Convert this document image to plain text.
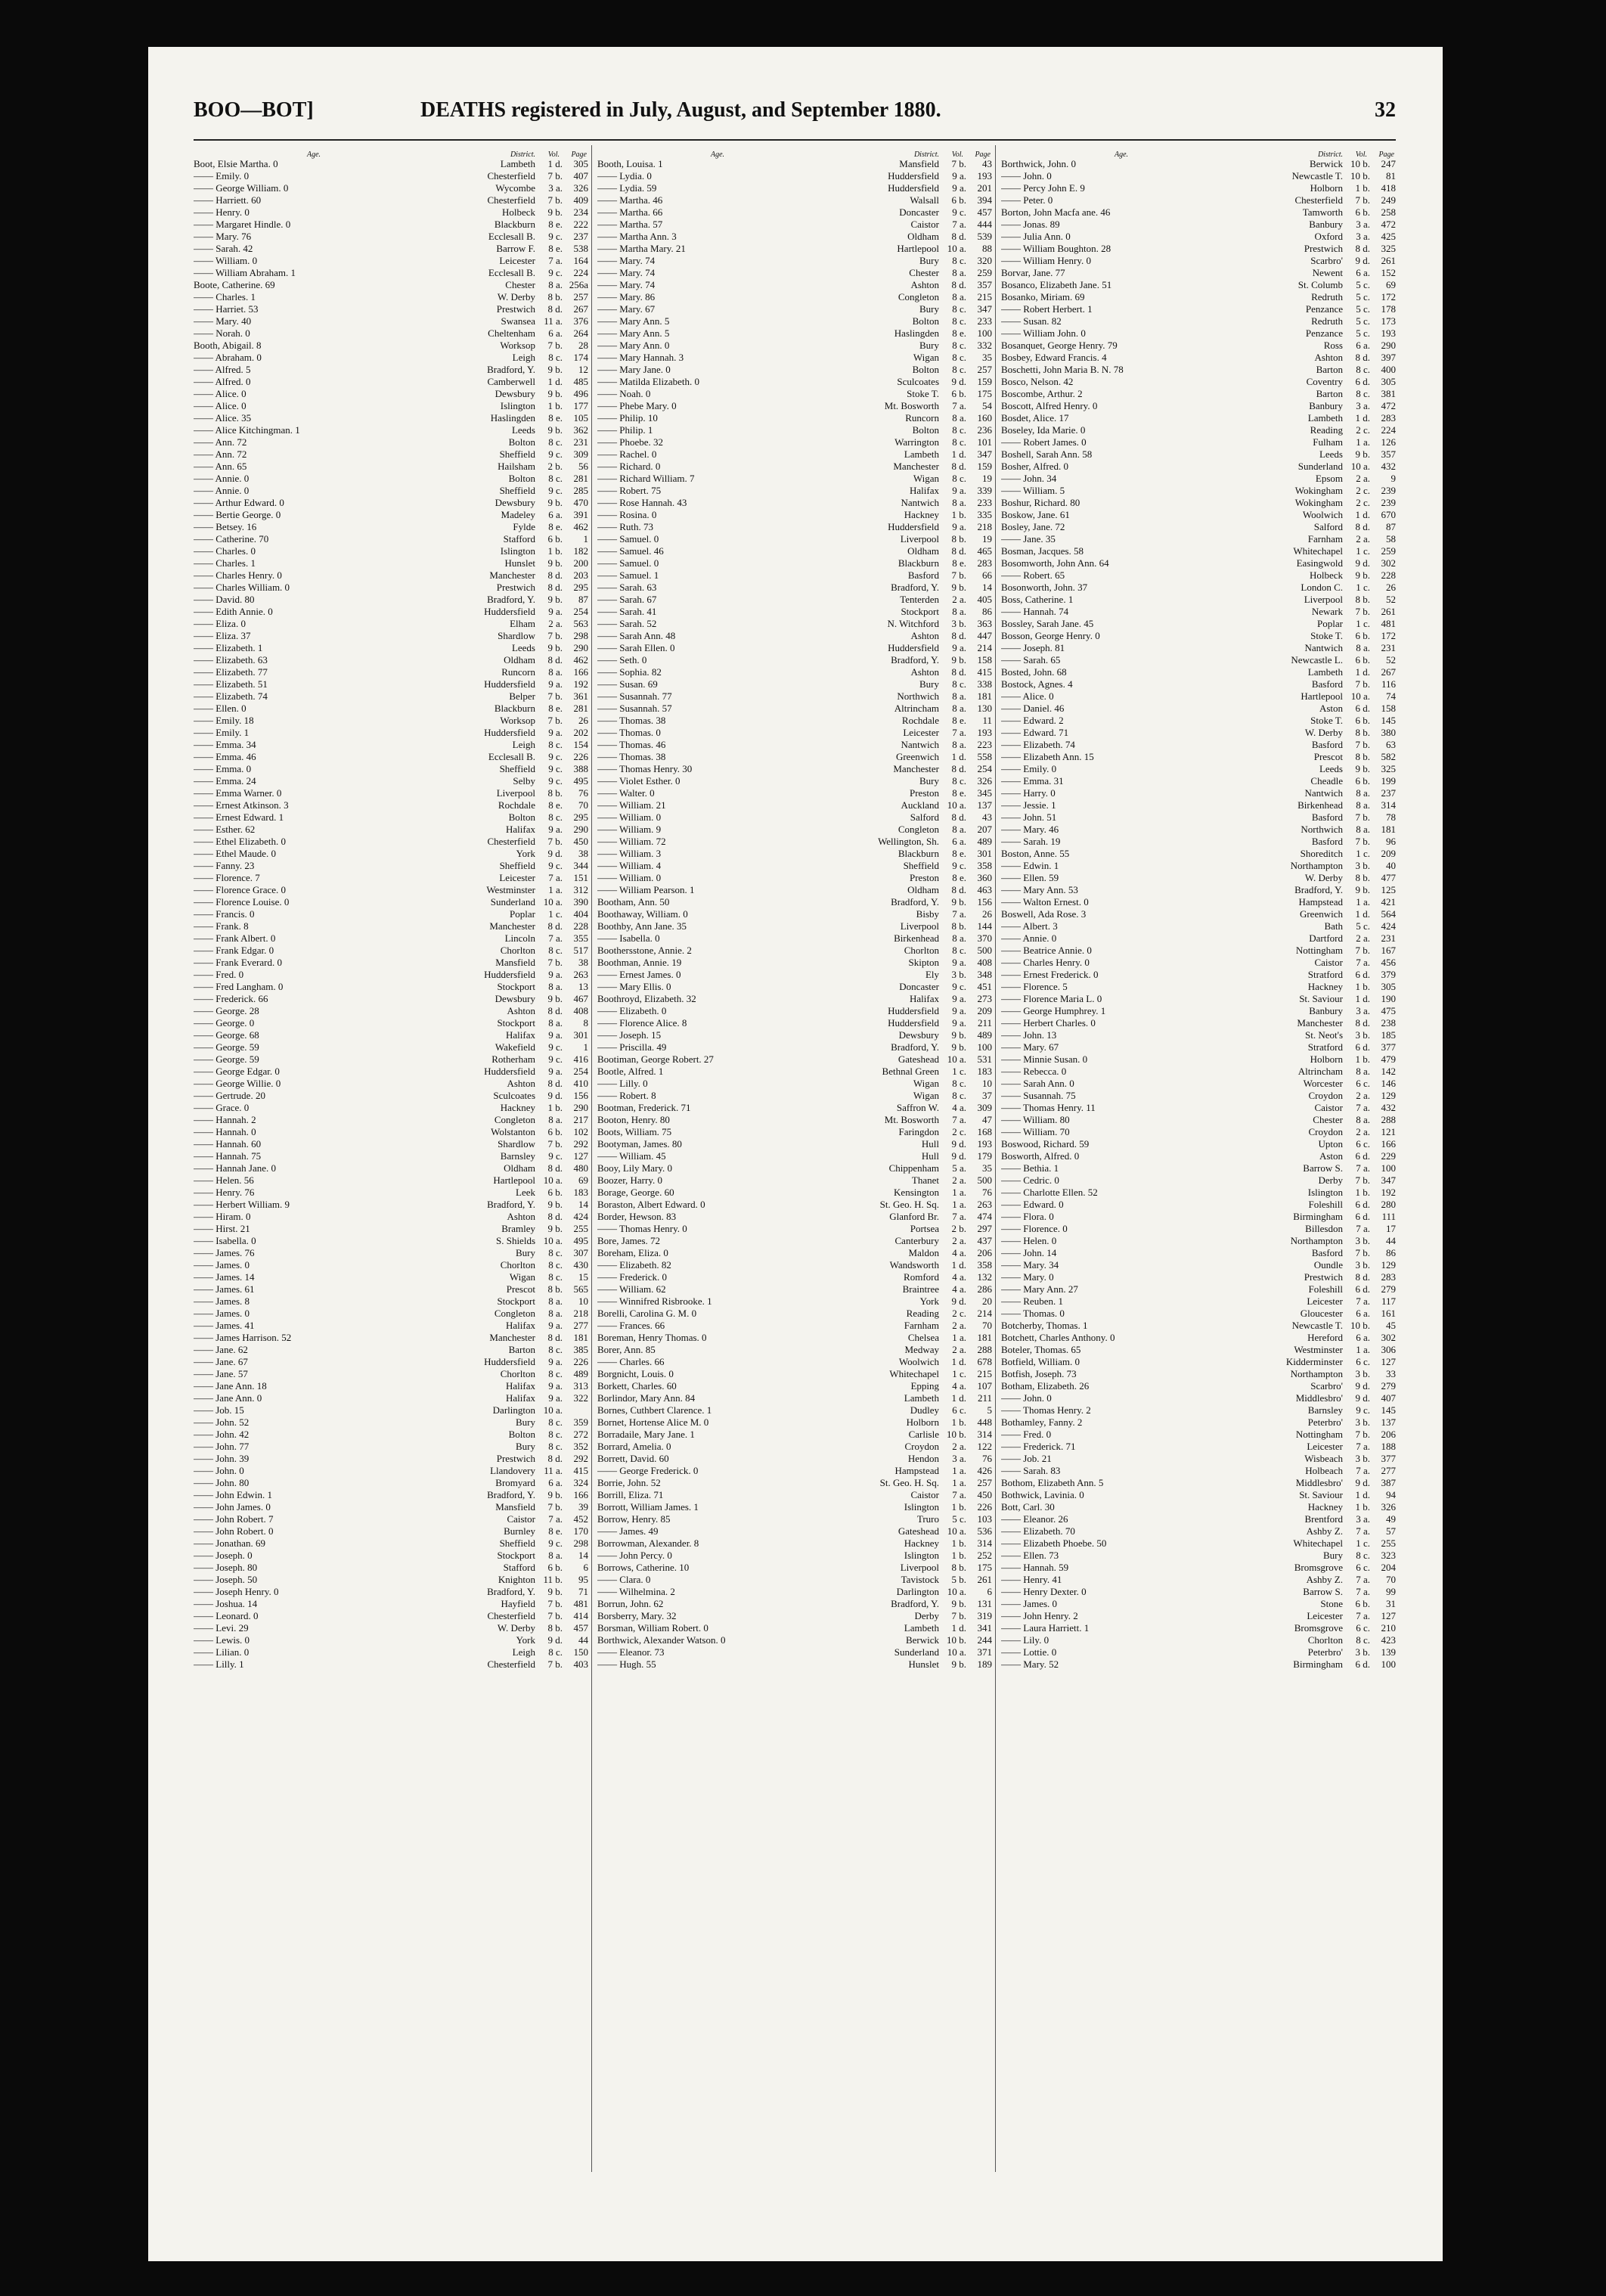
BOO—BOT]	DEATHS registered in July, August, and September 1880.	32
Age.	District. Vol. Page
Boot, Elsie Martha. 0	Lambeth 1 d. 305
—— Emily. 0	Chesterfield 7 b. 407
—— George William. 0	Wycombe 3 a. 326
—— Harriett. 60	Chesterfield 7 b. 409
—— Henry. 0	Holbeck 9 b. 234
—— Margaret Hindle. 0	Blackburn 8 e. 222
—— Mary. 76	Ecclesall B. 9 c. 237
—— Sarah. 42	Barrow F. 8 e. 538
—— William. 0	Leicester 7 a. 164
—— William Abraham. 1	Ecclesall B. 9 c. 224
Boote, Catherine. 69	Chester 8 a. 256a
—— Charles. 1	W. Derby 8 b. 257
—— Harriet. 53	Prestwich 8 d. 267
—— Mary. 40	Swansea 11 a. 376
—— Norah. 0	Cheltenham 6 a. 264
Booth, Abigail. 8	Worksop 7 b. 28
—— Abraham. 0	Leigh 8 c. 174
—— Alfred. 5	Bradford, Y. 9 b. 12
—— Alfred. 0	Camberwell 1 d. 485
—— Alice. 0	Dewsbury 9 b. 496
—— Alice. 0	Islington 1 b. 177
—— Alice. 35	Haslingden 8 e. 105
—— Alice Kitchingman. 1	Leeds 9 b. 362
—— Ann. 72	Bolton 8 c. 231
—— Ann. 72	Sheffield 9 c. 309
—— Ann. 65	Hailsham 2 b. 56
—— Annie. 0	Bolton 8 c. 281
—— Annie. 0	Sheffield 9 c. 285
—— Arthur Edward. 0	Dewsbury 9 b. 470
—— Bertie George. 0	Madeley 6 a. 391
—— Betsey. 16	Fylde 8 e. 462
—— Catherine. 70	Stafford 6 b. 1
—— Charles. 0	Islington 1 b. 182
—— Charles. 1	Hunslet 9 b. 200
—— Charles Henry. 0	Manchester 8 d. 203
—— Charles William. 0	Prestwich 8 d. 295
—— David. 80	Bradford, Y. 9 b. 87
—— Edith Annie. 0	Huddersfield 9 a. 254
—— Eliza. 0	Elham 2 a. 563
—— Eliza. 37	Shardlow 7 b. 298
—— Elizabeth. 1	Leeds 9 b. 290
—— Elizabeth. 63	Oldham 8 d. 462
—— Elizabeth. 77	Runcorn 8 a. 166
—— Elizabeth. 51	Huddersfield 9 a. 192
—— Elizabeth. 74	Belper 7 b. 361
—— Ellen. 0	Blackburn 8 e. 281
—— Emily. 18	Worksop 7 b. 26
—— Emily. 1	Huddersfield 9 a. 202
—— Emma. 34	Leigh 8 c. 154
—— Emma. 46	Ecclesall B. 9 c. 226
—— Emma. 0	Sheffield 9 c. 388
—— Emma. 24	Selby 9 c. 495
—— Emma Warner. 0	Liverpool 8 b. 76
—— Ernest Atkinson. 3	Rochdale 8 e. 70
—— Ernest Edward. 1	Bolton 8 c. 295
—— Esther. 62	Halifax 9 a. 290
—— Ethel Elizabeth. 0	Chesterfield 7 b. 450
—— Ethel Maude. 0	York 9 d. 38
—— Fanny. 23	Sheffield 9 c. 344
—— Florence. 7	Leicester 7 a. 151
—— Florence Grace. 0	Westminster 1 a. 312
—— Florence Louise. 0	Sunderland 10 a. 390
—— Francis. 0	Poplar 1 c. 404
—— Frank. 8	Manchester 8 d. 228
—— Frank Albert. 0	Lincoln 7 a. 355
—— Frank Edgar. 0	Chorlton 8 c. 517
—— Frank Everard. 0	Mansfield 7 b. 38
—— Fred. 0	Huddersfield 9 a. 263
—— Fred Langham. 0	Stockport 8 a. 13
—— Frederick. 66	Dewsbury 9 b. 467
—— George. 28	Ashton 8 d. 408
—— George. 0	Stockport 8 a. 8
—— George. 68	Halifax 9 a. 301
—— George. 59	Wakefield 9 c. 1
—— George. 59	Rotherham 9 c. 416
—— George Edgar. 0	Huddersfield 9 a. 254
—— George Willie. 0	Ashton 8 d. 410
—— Gertrude. 20	Sculcoates 9 d. 156
—— Grace. 0	Hackney 1 b. 290
—— Hannah. 2	Congleton 8 a. 217
—— Hannah. 0	Wolstanton 6 b. 102
—— Hannah. 60	Shardlow 7 b. 292
—— Hannah. 75	Barnsley 9 c. 127
—— Hannah Jane. 0	Oldham 8 d. 480
—— Helen. 56	Hartlepool 10 a. 69
—— Henry. 76	Leek 6 b. 183
—— Herbert William. 9	Bradford, Y. 9 b. 14
—— Hiram. 0	Ashton 8 d. 424
—— Hirst. 21	Bramley 9 b. 255
—— Isabella. 0	S. Shields 10 a. 495
—— James. 76	Bury 8 c. 307
—— James. 0	Chorlton 8 c. 430
—— James. 14	Wigan 8 c. 15
—— James. 61	Prescot 8 b. 565
—— James. 8	Stockport 8 a. 10
—— James. 0	Congleton 8 a. 218
—— James. 41	Halifax 9 a. 277
—— James Harrison. 52	Manchester 8 d. 181
—— Jane. 62	Barton 8 c. 385
—— Jane. 67	Huddersfield 9 a. 226
—— Jane. 57	Chorlton 8 c. 489
—— Jane Ann. 18	Halifax 9 a. 313
—— Jane Ann. 0	Halifax 9 a. 322
—— Job. 15	Darlington 10 a.
—— John. 52	Bury 8 c. 359
—— John. 42	Bolton 8 c. 272
—— John. 77	Bury 8 c. 352
—— John. 39	Prestwich 8 d. 292
—— John. 0	Llandovery 11 a. 415
—— John. 80	Bromyard 6 a. 324
—— John Edwin. 1	Bradford, Y. 9 b. 166
—— John James. 0	Mansfield 7 b. 39
—— John Robert. 7	Caistor 7 a. 452
—— John Robert. 0	Burnley 8 e. 170
—— Jonathan. 69	Sheffield 9 c. 298
—— Joseph. 0	Stockport 8 a. 14
—— Joseph. 80	Stafford 6 b. 6
—— Joseph. 50	Knighton 11 b. 95
—— Joseph Henry. 0	Bradford, Y. 9 b. 71
—— Joshua. 14	Hayfield 7 b. 481
—— Leonard. 0	Chesterfield 7 b. 414
—— Levi. 29	W. Derby 8 b. 457
—— Lewis. 0	York 9 d. 44
—— Lilian. 0	Leigh 8 c. 150
—— Lilly. 1	Chesterfield 7 b. 403
Age.	District. Vol. Page
Booth, Louisa. 1	Mansfield 7 b. 43
—— Lydia. 0	Huddersfield 9 a. 193
—— Lydia. 59	Huddersfield 9 a. 201
—— Martha. 46	Walsall 6 b. 394
—— Martha. 66	Doncaster 9 c. 457
—— Martha. 57	Caistor 7 a. 444
—— Martha Ann. 3	Oldham 8 d. 539
—— Martha Mary. 21	Hartlepool 10 a. 88
—— Mary. 74	Bury 8 c. 320
—— Mary. 74	Chester 8 a. 259
—— Mary. 74	Ashton 8 d. 357
—— Mary. 86	Congleton 8 a. 215
—— Mary. 67	Bury 8 c. 347
—— Mary Ann. 5	Bolton 8 c. 233
—— Mary Ann. 5	Haslingden 8 e. 100
—— Mary Ann. 0	Bury 8 c. 332
—— Mary Hannah. 3	Wigan 8 c. 35
—— Mary Jane. 0	Bolton 8 c. 257
—— Matilda Elizabeth. 0	Sculcoates 9 d. 159
—— Noah. 0	Stoke T. 6 b. 175
—— Phebe Mary. 0	Mt. Bosworth 7 a. 54
—— Philip. 10	Runcorn 8 a. 160
—— Philip. 1	Bolton 8 c. 236
—— Phoebe. 32	Warrington 8 c. 101
—— Rachel. 0	Lambeth 1 d. 347
—— Richard. 0	Manchester 8 d. 159
—— Richard William. 7	Wigan 8 c. 19
—— Robert. 75	Halifax 9 a. 339
—— Rose Hannah. 43	Nantwich 8 a. 233
—— Rosina. 0	Hackney 1 b. 335
—— Ruth. 73	Huddersfield 9 a. 218
—— Samuel. 0	Liverpool 8 b. 19
—— Samuel. 46	Oldham 8 d. 465
—— Samuel. 0	Blackburn 8 e. 283
—— Samuel. 1	Basford 7 b. 66
—— Sarah. 63	Bradford, Y. 9 b. 14
—— Sarah. 67	Tenterden 2 a. 405
—— Sarah. 41	Stockport 8 a. 86
—— Sarah. 52	N. Witchford 3 b. 363
—— Sarah Ann. 48	Ashton 8 d. 447
—— Sarah Ellen. 0	Huddersfield 9 a. 214
—— Seth. 0	Bradford, Y. 9 b. 158
—— Sophia. 82	Ashton 8 d. 415
—— Susan. 69	Bury 8 c. 338
—— Susannah. 77	Northwich 8 a. 181
—— Susannah. 57	Altrincham 8 a. 130
—— Thomas. 38	Rochdale 8 e. 11
—— Thomas. 0	Leicester 7 a. 193
—— Thomas. 46	Nantwich 8 a. 223
—— Thomas. 38	Greenwich 1 d. 558
—— Thomas Henry. 30	Manchester 8 d. 254
—— Violet Esther. 0	Bury 8 c. 326
—— Walter. 0	Preston 8 e. 345
—— William. 21	Auckland 10 a. 137
—— William. 0	Salford 8 d. 43
—— William. 9	Congleton 8 a. 207
—— William. 72	Wellington, Sh. 6 a. 489
—— William. 3	Blackburn 8 e. 301
—— William. 4	Sheffield 9 c. 358
—— William. 0	Preston 8 e. 360
—— William Pearson. 1	Oldham 8 d. 463
Bootham, Ann. 50	Bradford, Y. 9 b. 156
Boothaway, William. 0	Bisby 7 a. 26
Boothby, Ann Jane. 35	Liverpool 8 b. 144
—— Isabella. 0	Birkenhead 8 a. 370
Boothersstone, Annie. 2	Chorlton 8 c. 500
Boothman, Annie. 19	Skipton 9 a. 408
—— Ernest James. 0	Ely 3 b. 348
—— Mary Ellis. 0	Doncaster 9 c. 451
Boothroyd, Elizabeth. 32	Halifax 9 a. 273
—— Elizabeth. 0	Huddersfield 9 a. 209
—— Florence Alice. 8	Huddersfield 9 a. 211
—— Joseph. 15	Dewsbury 9 b. 489
—— Priscilla. 49	Bradford, Y. 9 b. 100
Bootiman, George Robert. 27	Gateshead 10 a. 531
Bootle, Alfred. 1	Bethnal Green 1 c. 183
—— Lilly. 0	Wigan 8 c. 10
—— Robert. 8	Wigan 8 c. 37
Bootman, Frederick. 71	Saffron W. 4 a. 309
Booton, Henry. 80	Mt. Bosworth 7 a. 47
Boots, William. 75	Faringdon 2 c. 168
Bootyman, James. 80	Hull 9 d. 193
—— William. 45	Hull 9 d. 179
Booy, Lily Mary. 0	Chippenham 5 a. 35
Boozer, Harry. 0	Thanet 2 a. 500
Borage, George. 60	Kensington 1 a. 76
Boraston, Albert Edward. 0	St. Geo. H. Sq. 1 a. 263
Border, Hewson. 83	Glanford Br. 7 a. 474
—— Thomas Henry. 0	Portsea 2 b. 297
Bore, James. 72	Canterbury 2 a. 437
Boreham, Eliza. 0	Maldon 4 a. 206
—— Elizabeth. 82	Wandsworth 1 d. 358
—— Frederick. 0	Romford 4 a. 132
—— William. 62	Braintree 4 a. 286
—— Winnifred Risbrooke. 1	York 9 d. 20
Borelli, Carolina G. M. 0	Reading 2 c. 214
—— Frances. 66	Farnham 2 a. 70
Boreman, Henry Thomas. 0	Chelsea 1 a. 181
Borer, Ann. 85	Medway 2 a. 288
—— Charles. 66	Woolwich 1 d. 678
Borgnicht, Louis. 0	Whitechapel 1 c. 215
Borkett, Charles. 60	Epping 4 a. 107
Borlindor, Mary Ann. 84	Lambeth 1 d. 211
Bornes, Cuthbert Clarence. 1	Dudley 6 c. 5
Bornet, Hortense Alice M. 0	Holborn 1 b. 448
Borradaile, Mary Jane. 1	Carlisle 10 b. 314
Borrard, Amelia. 0	Croydon 2 a. 122
Borrett, David. 60	Hendon 3 a. 76
—— George Frederick. 0	Hampstead 1 a. 426
Borrie, John. 52	St. Geo. H. Sq. 1 a. 257
Borrill, Eliza. 71	Caistor 7 a. 450
Borrott, William James. 1	Islington 1 b. 226
Borrow, Henry. 85	Truro 5 c. 103
—— James. 49	Gateshead 10 a. 536
Borrowman, Alexander. 8	Hackney 1 b. 314
—— John Percy. 0	Islington 1 b. 252
Borrows, Catherine. 10	Liverpool 8 b. 175
—— Clara. 0	Tavistock 5 b. 261
—— Wilhelmina. 2	Darlington 10 a. 6
Borrun, John. 62	Bradford, Y. 9 b. 131
Borsberry, Mary. 32	Derby 7 b. 319
Borsman, William Robert. 0	Lambeth 1 d. 341
Borthwick, Alexander Watson. 0	Berwick 10 b. 244
—— Eleanor. 73	Sunderland 10 a. 371
—— Hugh. 55	Hunslet 9 b. 189
Age.	District. Vol. Page
Borthwick, John. 0	Berwick 10 b. 247
—— John. 0	Newcastle T. 10 b. 81
—— Percy John E. 9	Holborn 1 b. 418
—— Peter. 0	Chesterfield 7 b. 249
Borton, John Macfa ane. 46	Tamworth 6 b. 258
—— Jonas. 89	Banbury 3 a. 472
—— Julia Ann. 0	Oxford 3 a. 425
—— William Boughton. 28	Prestwich 8 d. 325
—— William Henry. 0	Scarbro' 9 d. 261
Borvar, Jane. 77	Newent 6 a. 152
Bosanco, Elizabeth Jane. 51	St. Columb 5 c. 69
Bosanko, Miriam. 69	Redruth 5 c. 172
—— Robert Herbert. 1	Penzance 5 c. 178
—— Susan. 82	Redruth 5 c. 173
—— William John. 0	Penzance 5 c. 193
Bosanquet, George Henry. 79	Ross 6 a. 290
Bosbey, Edward Francis. 4	Ashton 8 d. 397
Boschetti, John Maria B. N. 78	Barton 8 c. 400
Bosco, Nelson. 42	Coventry 6 d. 305
Boscombe, Arthur. 2	Barton 8 c. 381
Boscott, Alfred Henry. 0	Banbury 3 a. 472
Bosdet, Alice. 17	Lambeth 1 d. 283
Boseley, Ida Marie. 0	Reading 2 c. 224
—— Robert James. 0	Fulham 1 a. 126
Boshell, Sarah Ann. 58	Leeds 9 b. 357
Bosher, Alfred. 0	Sunderland 10 a. 432
—— John. 34	Epsom 2 a. 9
—— William. 5	Wokingham 2 c. 239
Boshur, Richard. 80	Wokingham 2 c. 239
Boskow, Jane. 61	Woolwich 1 d. 670
Bosley, Jane. 72	Salford 8 d. 87
—— Jane. 35	Farnham 2 a. 58
Bosman, Jacques. 58	Whitechapel 1 c. 259
Bosomworth, John Ann. 64	Easingwold 9 d. 302
—— Robert. 65	Holbeck 9 b. 228
Bosonworth, John. 37	London C. 1 c. 26
Boss, Catherine. 1	Liverpool 8 b. 52
—— Hannah. 74	Newark 7 b. 261
Bossley, Sarah Jane. 45	Poplar 1 c. 481
Bosson, George Henry. 0	Stoke T. 6 b. 172
—— Joseph. 81	Nantwich 8 a. 231
—— Sarah. 65	Newcastle L. 6 b. 52
Bosted, John. 68	Lambeth 1 d. 267
Bostock, Agnes. 4	Basford 7 b. 116
—— Alice. 0	Hartlepool 10 a. 74
—— Daniel. 46	Aston 6 d. 158
—— Edward. 2	Stoke T. 6 b. 145
—— Edward. 71	W. Derby 8 b. 380
—— Elizabeth. 74	Basford 7 b. 63
—— Elizabeth Ann. 15	Prescot 8 b. 582
—— Emily. 0	Leeds 9 b. 325
—— Emma. 31	Cheadle 6 b. 199
—— Harry. 0	Nantwich 8 a. 237
—— Jessie. 1	Birkenhead 8 a. 314
—— John. 51	Basford 7 b. 78
—— Mary. 46	Northwich 8 a. 181
—— Sarah. 19	Basford 7 b. 96
Boston, Anne. 55	Shoreditch 1 c. 209
—— Edwin. 1	Northampton 3 b. 40
—— Ellen. 59	W. Derby 8 b. 477
—— Mary Ann. 53	Bradford, Y. 9 b. 125
—— Walton Ernest. 0	Hampstead 1 a. 421
Boswell, Ada Rose. 3	Greenwich 1 d. 564
—— Albert. 3	Bath 5 c. 424
—— Annie. 0	Dartford 2 a. 231
—— Beatrice Annie. 0	Nottingham 7 b. 167
—— Charles Henry. 0	Caistor 7 a. 456
—— Ernest Frederick. 0	Stratford 6 d. 379
—— Florence. 5	Hackney 1 b. 305
—— Florence Maria L. 0	St. Saviour 1 d. 190
—— George Humphrey. 1	Banbury 3 a. 475
—— Herbert Charles. 0	Manchester 8 d. 238
—— John. 13	St. Neot's 3 b. 185
—— Mary. 67	Stratford 6 d. 377
—— Minnie Susan. 0	Holborn 1 b. 479
—— Rebecca. 0	Altrincham 8 a. 142
—— Sarah Ann. 0	Worcester 6 c. 146
—— Susannah. 75	Croydon 2 a. 129
—— Thomas Henry. 11	Caistor 7 a. 432
—— William. 80	Chester 8 a. 288
—— William. 70	Croydon 2 a. 121
Boswood, Richard. 59	Upton 6 c. 166
Bosworth, Alfred. 0	Aston 6 d. 229
—— Bethia. 1	Barrow S. 7 a. 100
—— Cedric. 0	Derby 7 b. 347
—— Charlotte Ellen. 52	Islington 1 b. 192
—— Edward. 0	Foleshill 6 d. 280
—— Flora. 0	Birmingham 6 d. 111
—— Florence. 0	Billesdon 7 a. 17
—— Helen. 0	Northampton 3 b. 44
—— John. 14	Basford 7 b. 86
—— Mary. 34	Oundle 3 b. 129
—— Mary. 0	Prestwich 8 d. 283
—— Mary Ann. 27	Foleshill 6 d. 279
—— Reuben. 1	Leicester 7 a. 117
—— Thomas. 0	Gloucester 6 a. 161
Botcherby, Thomas. 1	Newcastle T. 10 b. 45
Botchett, Charles Anthony. 0	Hereford 6 a. 302
Boteler, Thomas. 65	Westminster 1 a. 306
Botfield, William. 0	Kidderminster 6 c. 127
Botfish, Joseph. 73	Northampton 3 b. 33
Botham, Elizabeth. 26	Scarbro' 9 d. 279
—— John. 0	Middlesbro' 9 d. 407
—— Thomas Henry. 2	Barnsley 9 c. 145
Bothamley, Fanny. 2	Peterbro' 3 b. 137
—— Fred. 0	Nottingham 7 b. 206
—— Frederick. 71	Leicester 7 a. 188
—— Job. 21	Wisbeach 3 b. 377
—— Sarah. 83	Holbeach 7 a. 277
Bothom, Elizabeth Ann. 5	Middlesbro' 9 d. 387
Bothwick, Lavinia. 0	St. Saviour 1 d. 94
Bott, Carl. 30	Hackney 1 b. 326
—— Eleanor. 26	Brentford 3 a. 49
—— Elizabeth. 70	Ashby Z. 7 a. 57
—— Elizabeth Phoebe. 50	Whitechapel 1 c. 255
—— Ellen. 73	Bury 8 c. 323
—— Hannah. 59	Bromsgrove 6 c. 204
—— Henry. 41	Ashby Z. 7 a. 70
—— Henry Dexter. 0	Barrow S. 7 a. 99
—— James. 0	Stone 6 b. 31
—— John Henry. 2	Leicester 7 a. 127
—— Laura Harriett. 1	Bromsgrove 6 c. 210
—— Lily. 0	Chorlton 8 c. 423
—— Lottie. 0	Peterbro' 3 b. 139
—— Mary. 52	Birmingham 6 d. 100
